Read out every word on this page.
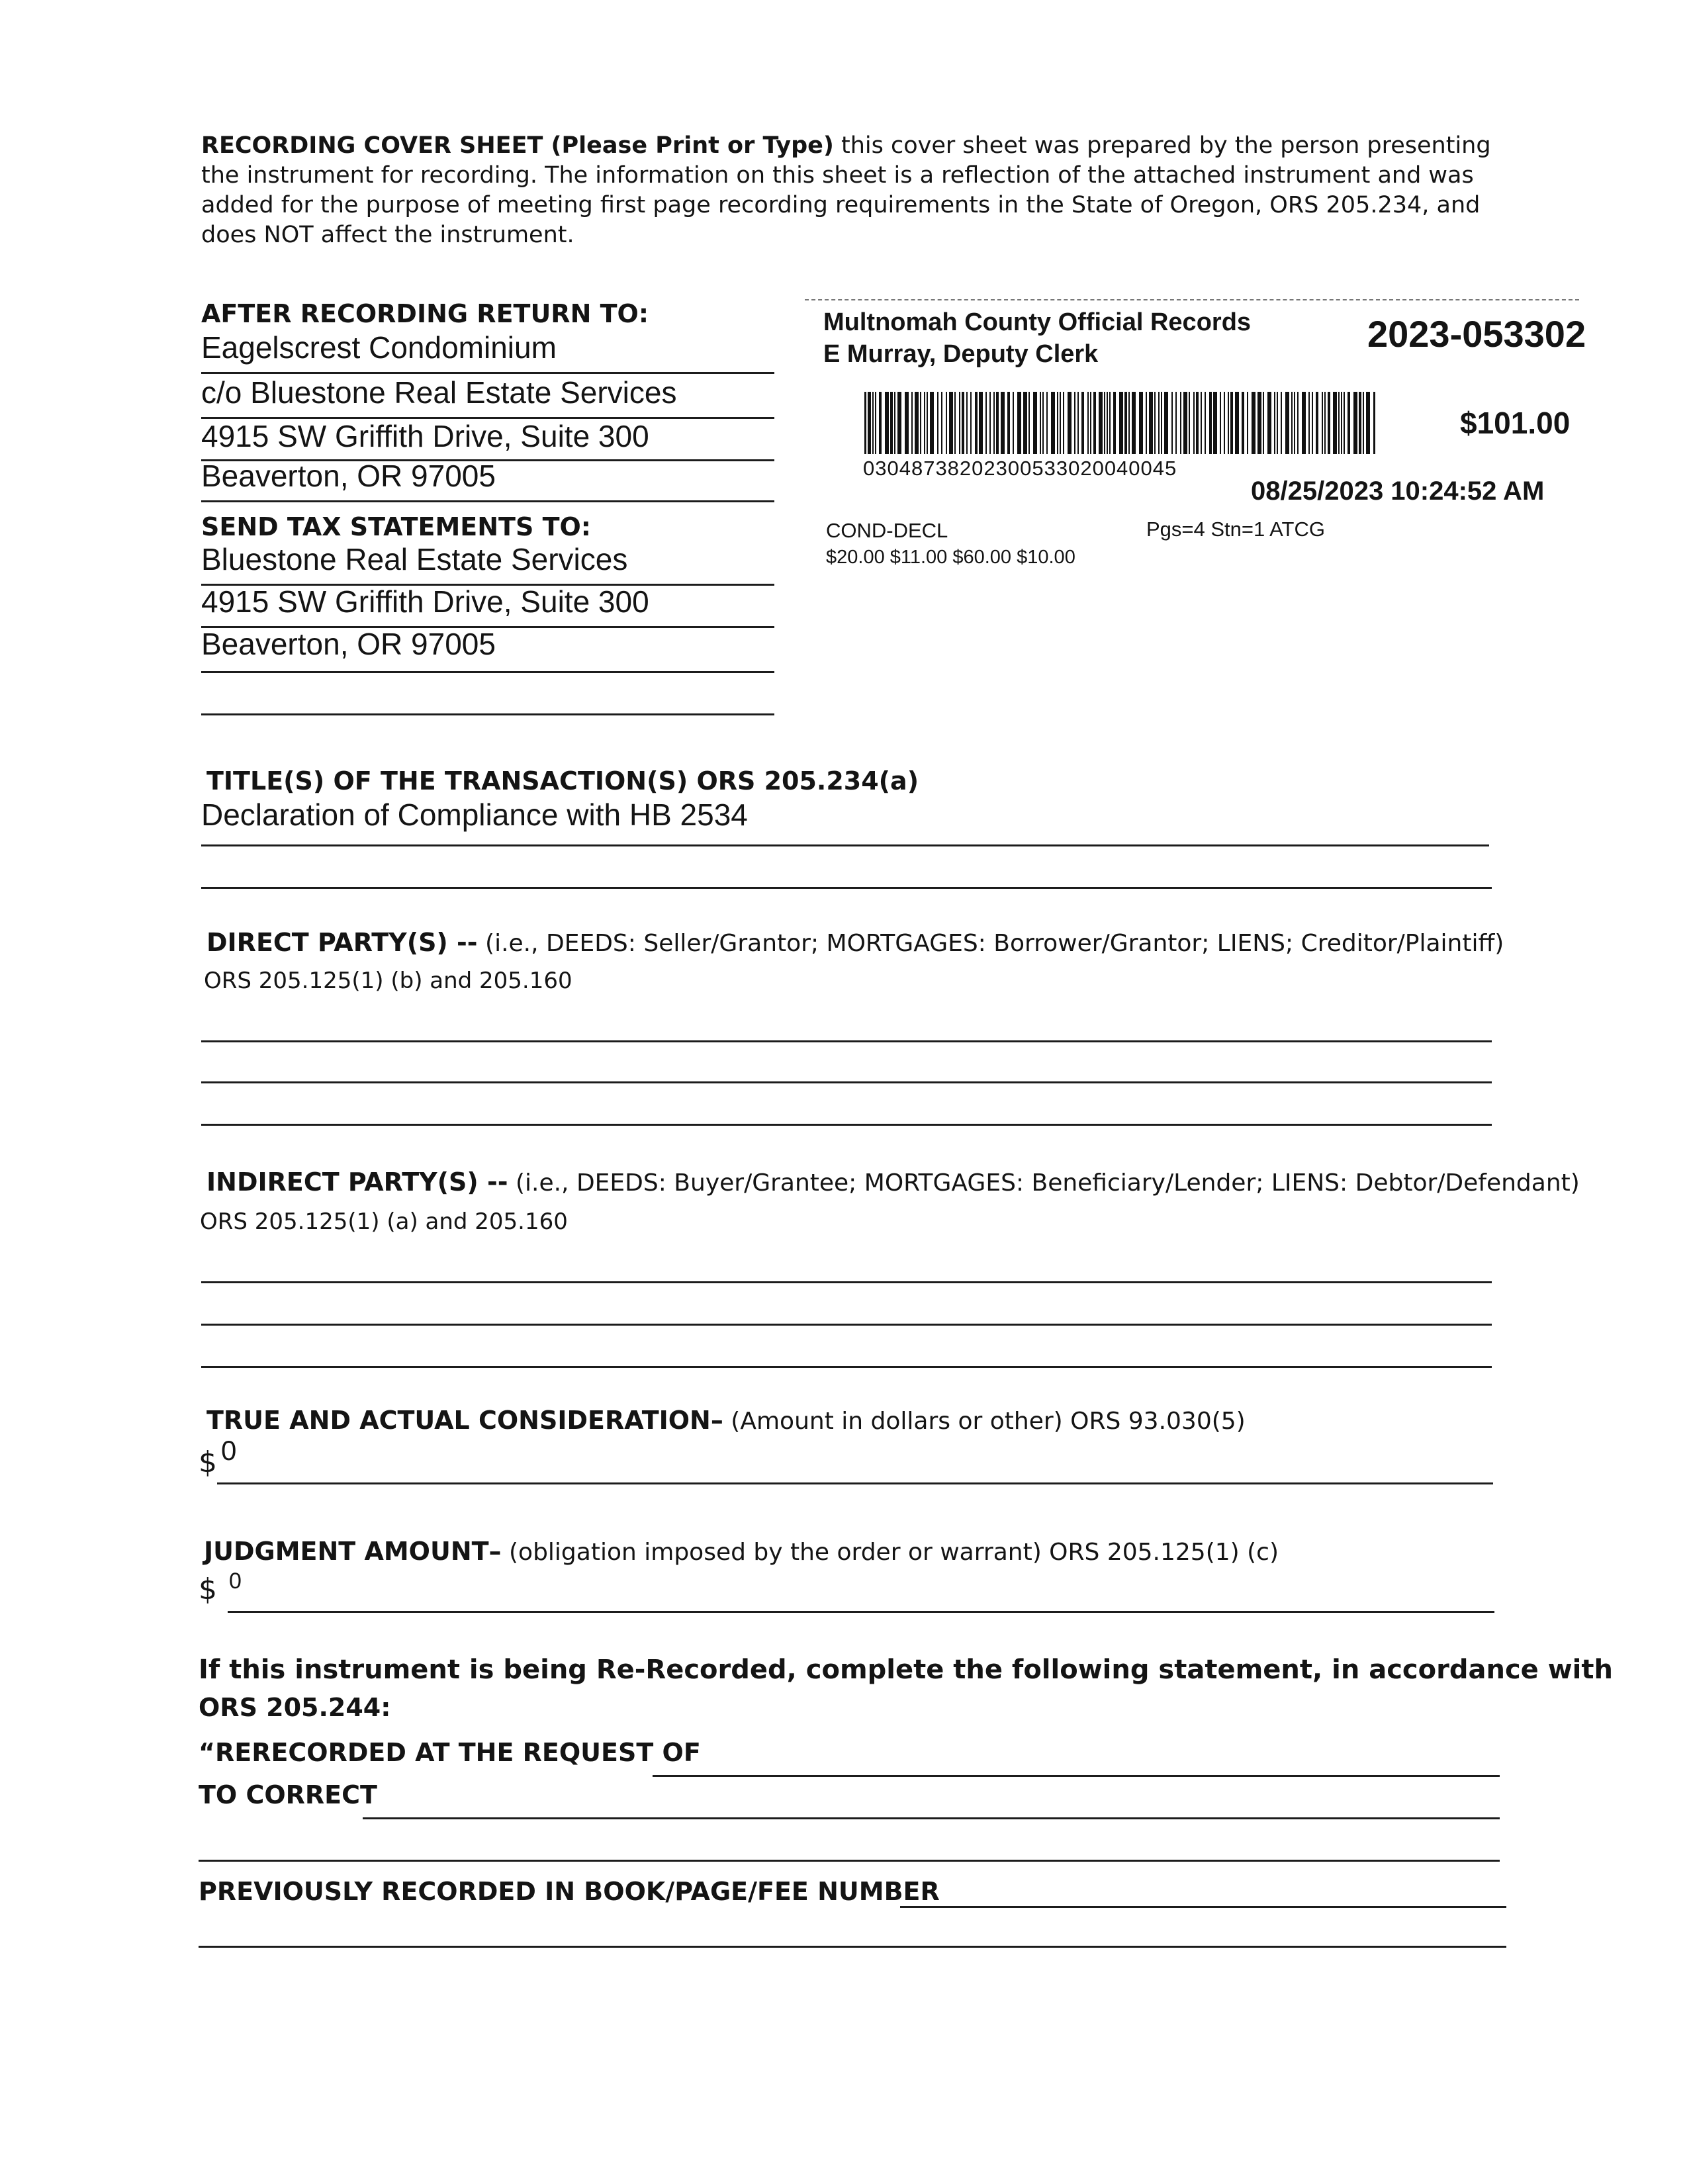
RECORDING COVER SHEET (Please Print or Type) this cover sheet was prepared by the person presenting the instrument for recording. The information on this sheet is a reflection of the attached instrument and was added for the purpose of meeting first page recording requirements in the State of Oregon, ORS 205.234, and does NOT affect the instrument.
AFTER RECORDING RETURN TO:
Eagelscrest Condominium
c/o Bluestone Real Estate Services
4915 SW Griffith Drive, Suite 300
Beaverton, OR 97005
SEND TAX STATEMENTS TO:
Bluestone Real Estate Services
4915 SW Griffith Drive, Suite 300
Beaverton, OR 97005
Multnomah County Official Records
E Murray, Deputy Clerk	2023-053302
$101.00
03048738202300533020040045
08/25/2023 10:24:52 AM
COND-DECL	Pgs=4 Stn=1 ATCG
$20.00 $11.00 $60.00 $10.00
TITLE(S) OF THE TRANSACTION(S) ORS 205.234(a)
Declaration of Compliance with HB 2534
DIRECT PARTY(S) -- (i.e., DEEDS: Seller/Grantor; MORTGAGES: Borrower/Grantor; LIENS; Creditor/Plaintiff)
ORS 205.125(1) (b) and 205.160
INDIRECT PARTY(S) -- (i.e., DEEDS: Buyer/Grantee; MORTGAGES: Beneficiary/Lender; LIENS: Debtor/Defendant)
ORS 205.125(1) (a) and 205.160
TRUE AND ACTUAL CONSIDERATION– (Amount in dollars or other) ORS 93.030(5)
$ 0
JUDGMENT AMOUNT– (obligation imposed by the order or warrant) ORS 205.125(1) (c)
$ 0
If this instrument is being Re-Recorded, complete the following statement, in accordance with
ORS 205.244:
“RERECORDED AT THE REQUEST OF
TO CORRECT
PREVIOUSLY RECORDED IN BOOK/PAGE/FEE NUMBER
